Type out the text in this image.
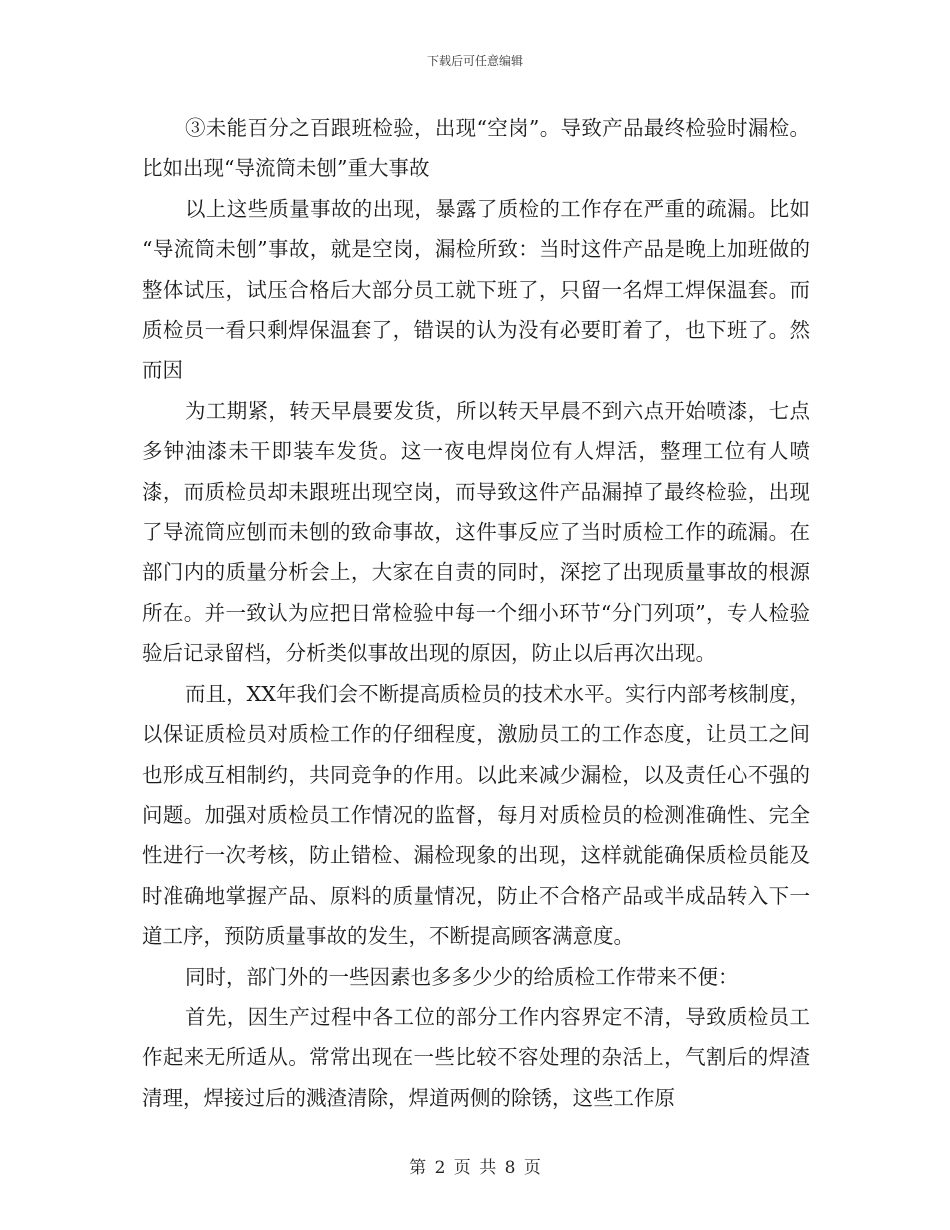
下载后可任意编辑

③未能百分之百跟班检验，出现“空岗”。导致产品最终检验时漏检。比如出现“导流筒未刨”重大事故

以上这些质量事故的出现，暴露了质检的工作存在严重的疏漏。比如 “导流筒未刨”事故，就是空岗，漏检所致：当时这件产品是晚上加班做的整体试压，试压合格后大部分员工就下班了，只留一名焊工焊保温套。而质检员一看只剩焊保温套了，错误的认为没有必要盯着了，也下班了。然而因

为工期紧，转天早晨要发货，所以转天早晨不到六点开始喷漆，七点多钟油漆未干即装车发货。这一夜电焊岗位有人焊活，整理工位有人喷漆，而质检员却未跟班出现空岗，而导致这件产品漏掉了最终检验，出现了导流筒应刨而未刨的致命事故，这件事反应了当时质检工作的疏漏。在部门内的质量分析会上，大家在自责的同时，深挖了出现质量事故的根源所在。并一致认为应把日常检验中每一个细小环节“分门列项”，专人检验验后记录留档，分析类似事故出现的原因，防止以后再次出现。

而且，XX年我们会不断提高质检员的技术水平。实行内部考核制度，以保证质检员对质检工作的仔细程度，激励员工的工作态度，让员工之间也形成互相制约，共同竞争的作用。以此来减少漏检，以及责任心不强的问题。加强对质检员工作情况的监督，每月对质检员的检测准确性、完全性进行一次考核，防止错检、漏检现象的出现，这样就能确保质检员能及时准确地掌握产品、原料的质量情况，防止不合格产品或半成品转入下一道工序，预防质量事故的发生，不断提高顾客满意度。

同时，部门外的一些因素也多多少少的给质检工作带来不便：

首先，因生产过程中各工位的部分工作内容界定不清，导致质检员工作起来无所适从。常常出现在一些比较不容处理的杂活上，气割后的焊渣清理，焊接过后的溅渣清除，焊道两侧的除锈，这些工作原

第 2 页 共 8 页
